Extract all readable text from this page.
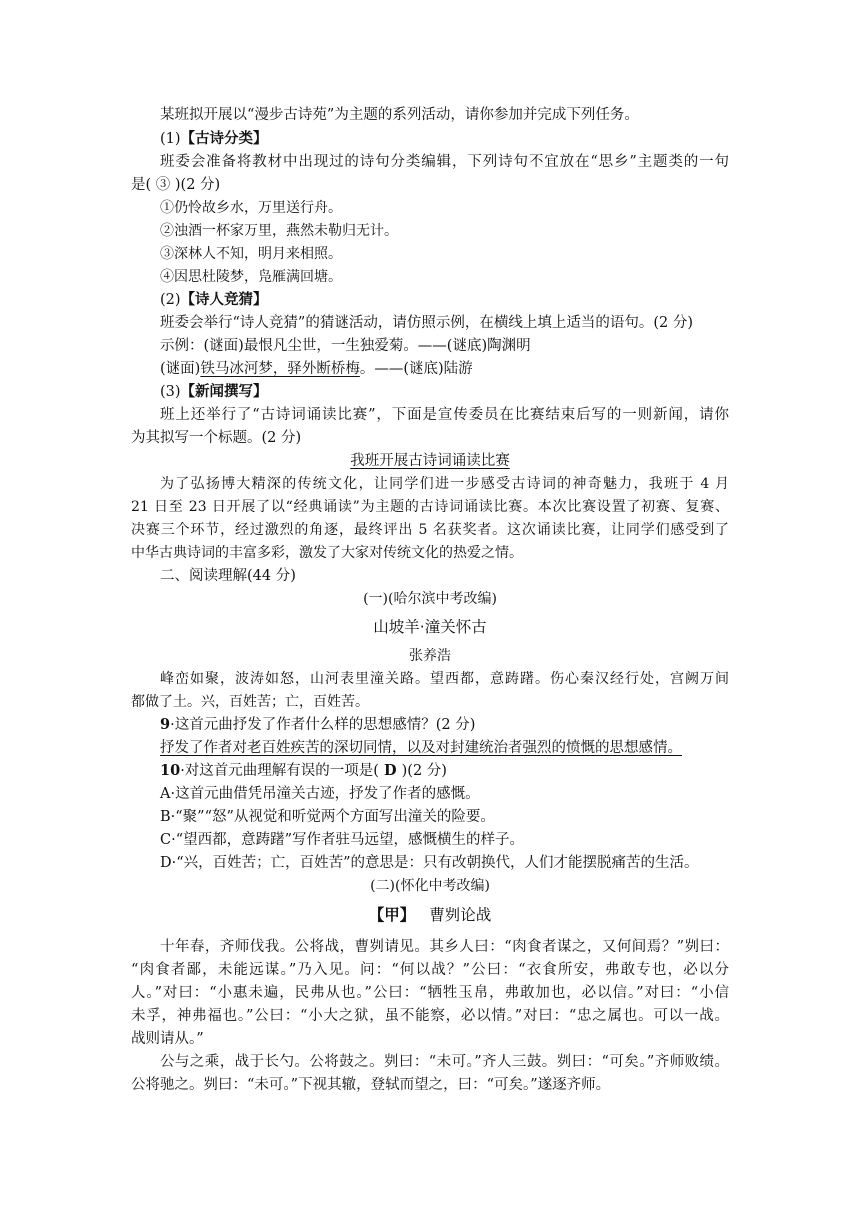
某班拟开展以“漫步古诗苑”为主题的系列活动，请你参加并完成下列任务。
(1)【古诗分类】
班委会准备将教材中出现过的诗句分类编辑，下列诗句不宜放在“思乡”主题类的一句
是( ③ )(2 分)
①仍怜故乡水，万里送行舟。
②浊酒一杯家万里，燕然未勒归无计。
③深林人不知，明月来相照。
④因思杜陵梦，凫雁满回塘。
(2)【诗人竞猜】
班委会举行“诗人竞猜”的猜谜活动，请仿照示例，在横线上填上适当的语句。(2 分)
示例：(谜面)最恨凡尘世，一生独爱菊。——(谜底)陶渊明
(谜面)铁马冰河梦，驿外断桥梅。——(谜底)陆游
(3)【新闻撰写】
班上还举行了“古诗词诵读比赛”，下面是宣传委员在比赛结束后写的一则新闻，请你
为其拟写一个标题。(2 分)
我班开展古诗词诵读比赛
为了弘扬博大精深的传统文化，让同学们进一步感受古诗词的神奇魅力，我班于 4 月
21 日至 23 日开展了以“经典诵读”为主题的古诗词诵读比赛。本次比赛设置了初赛、复赛、
决赛三个环节，经过激烈的角逐，最终评出 5 名获奖者。这次诵读比赛，让同学们感受到了
中华古典诗词的丰富多彩，激发了大家对传统文化的热爱之情。
二、阅读理解(44 分)
(一)(哈尔滨中考改编)
山坡羊·潼关怀古
张养浩
峰峦如聚，波涛如怒，山河表里潼关路。望西都，意踌躇。伤心秦汉经行处，宫阙万间
都做了土。兴，百姓苦；亡，百姓苦。
9·这首元曲抒发了作者什么样的思想感情？(2 分)
抒发了作者对老百姓疾苦的深切同情，以及对封建统治者强烈的愤慨的思想感情。
10·对这首元曲理解有误的一项是( D )(2 分)
A·这首元曲借凭吊潼关古迹，抒发了作者的感慨。
B·“聚”“怒”从视觉和听觉两个方面写出潼关的险要。
C·“望西都，意踌躇”写作者驻马远望，感慨横生的样子。
D·“兴，百姓苦；亡，百姓苦”的意思是：只有改朝换代，人们才能摆脱痛苦的生活。
(二)(怀化中考改编)
【甲】 曹刿论战
十年春，齐师伐我。公将战，曹刿请见。其乡人曰：“肉食者谋之，又何间焉？”刿曰：
“肉食者鄙，未能远谋。”乃入见。问：“何以战？”公曰：“衣食所安，弗敢专也，必以分
人。”对曰：“小惠未遍，民弗从也。”公曰：“牺牲玉帛，弗敢加也，必以信。”对曰：“小信
未孚，神弗福也。”公曰：“小大之狱，虽不能察，必以情。”对曰：“忠之属也。可以一战。
战则请从。”
公与之乘，战于长勺。公将鼓之。刿曰：“未可。”齐人三鼓。刿曰：“可矣。”齐师败绩。
公将驰之。刿曰：“未可。”下视其辙，登轼而望之，曰：“可矣。”遂逐齐师。
